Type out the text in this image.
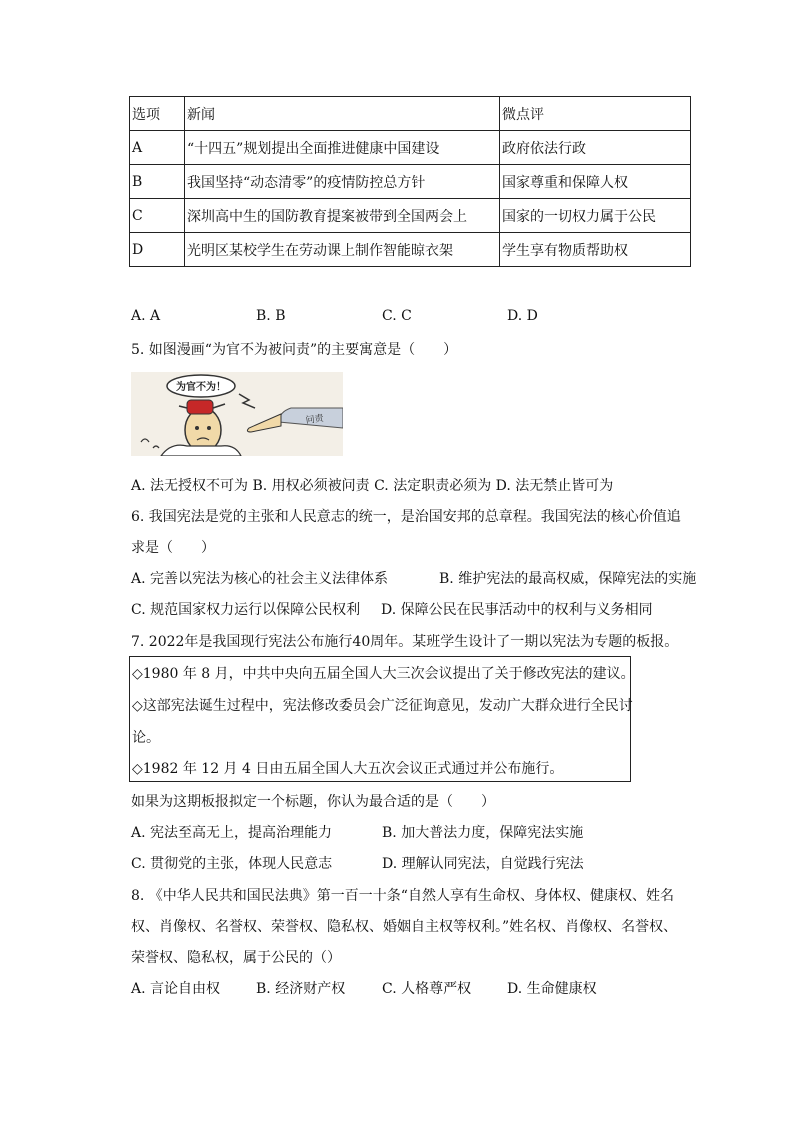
选项	新闻	微点评
A	“十四五”规划提出全面推进健康中国建设	政府依法行政
B	我国坚持“动态清零”的疫情防控总方针	国家尊重和保障人权
C	深圳高中生的国防教育提案被带到全国两会上	国家的一切权力属于公民
D	光明区某校学生在劳动课上制作智能晾衣架	学生享有物质帮助权
A. A	B. B	C. C	D. D
5. 如图漫画“为官不为被问责”的主要寓意是（　　）
为官不为！
问责
A. 法无授权不可为 B. 用权必须被问责 C. 法定职责必须为 D. 法无禁止皆可为
6. 我国宪法是党的主张和人民意志的统一，是治国安邦的总章程。我国宪法的核心价值追
求是（　　）
A. 完善以宪法为核心的社会主义法律体系	B. 维护宪法的最高权威，保障宪法的实施
C. 规范国家权力运行以保障公民权利 D. 保障公民在民事活动中的权利与义务相同
7. 2022年是我国现行宪法公布施行40周年。某班学生设计了一期以宪法为专题的板报。
◇1980 年 8 月，中共中央向五届全国人大三次会议提出了关于修改宪法的建议。
◇这部宪法诞生过程中，宪法修改委员会广泛征询意见，发动广大群众进行全民讨
论。
◇1982 年 12 月 4 日由五届全国人大五次会议正式通过并公布施行。
如果为这期板报拟定一个标题，你认为最合适的是（　　）
A. 宪法至高无上，提高治理能力	B. 加大普法力度，保障宪法实施
C. 贯彻党的主张，体现人民意志	D. 理解认同宪法，自觉践行宪法
8. 《中华人民共和国民法典》第一百一十条“自然人享有生命权、身体权、健康权、姓名
权、肖像权、名誉权、荣誉权、隐私权、婚姻自主权等权利。”姓名权、肖像权、名誉权、
荣誉权、隐私权，属于公民的（）
A. 言论自由权	B. 经济财产权	C. 人格尊严权	D. 生命健康权
